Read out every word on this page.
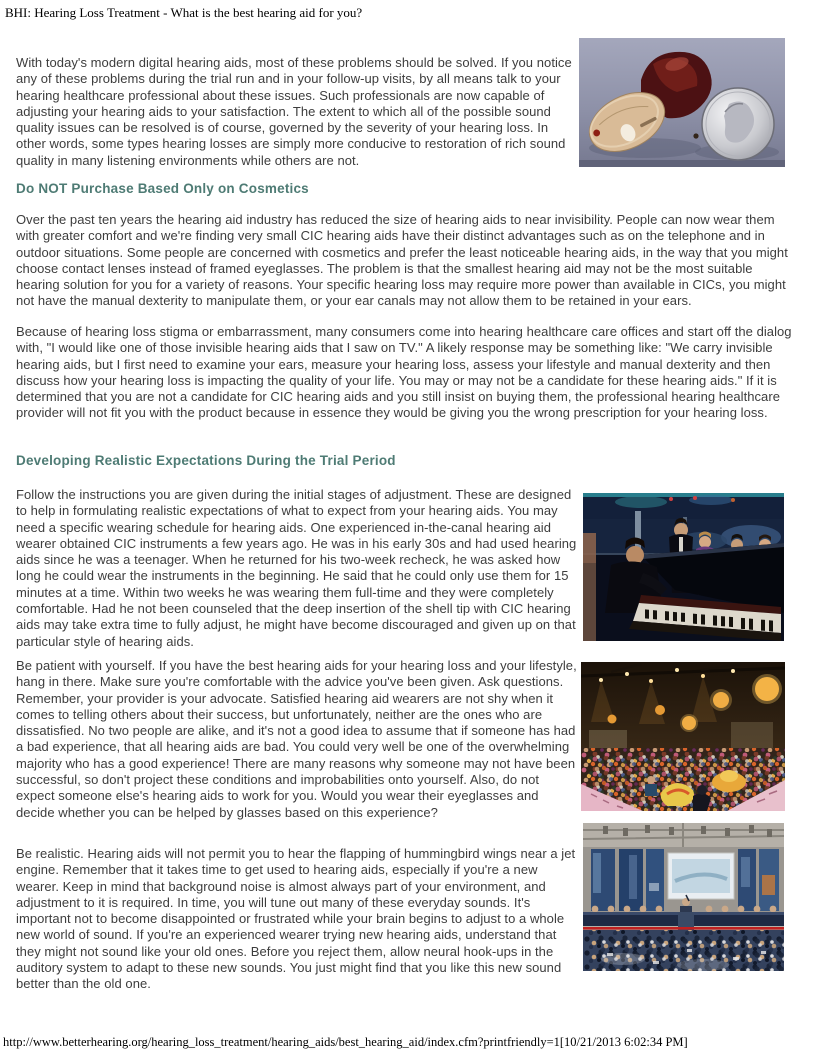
BHI: Hearing Loss Treatment - What is the best hearing aid for you?
With today's modern digital hearing aids, most of these problems should be solved. If you notice any of these problems during the trial run and in your follow-up visits, by all means talk to your hearing healthcare professional about these issues. Such professionals are now capable of adjusting your hearing aids to your satisfaction. The extent to which all of the possible sound quality issues can be resolved is of course, governed by the severity of your hearing loss. In other words, some types hearing losses are simply more conducive to restoration of rich sound quality in many listening environments while others are not.
Do NOT Purchase Based Only on Cosmetics
Over the past ten years the hearing aid industry has reduced the size of hearing aids to near invisibility. People can now wear them with greater comfort and we're finding very small CIC hearing aids have their distinct advantages such as on the telephone and in outdoor situations. Some people are concerned with cosmetics and prefer the least noticeable hearing aids, in the way that you might choose contact lenses instead of framed eyeglasses. The problem is that the smallest hearing aid may not be the most suitable hearing solution for you for a variety of reasons. Your specific hearing loss may require more power than available in CICs, you might not have the manual dexterity to manipulate them, or your ear canals may not allow them to be retained in your ears.
Because of hearing loss stigma or embarrassment, many consumers come into hearing healthcare care offices and start off the dialog with, "I would like one of those invisible hearing aids that I saw on TV." A likely response may be something like: "We carry invisible hearing aids, but I first need to examine your ears, measure your hearing loss, assess your lifestyle and manual dexterity and then discuss how your hearing loss is impacting the quality of your life. You may or may not be a candidate for these hearing aids." If it is determined that you are not a candidate for CIC hearing aids and you still insist on buying them, the professional hearing healthcare provider will not fit you with the product because in essence they would be giving you the wrong prescription for your hearing loss.
Developing Realistic Expectations During the Trial Period
Follow the instructions you are given during the initial stages of adjustment. These are designed to help in formulating realistic expectations of what to expect from your hearing aids. You may need a specific wearing schedule for hearing aids. One experienced in-the-canal hearing aid wearer obtained CIC instruments a few years ago. He was in his early 30s and had used hearing aids since he was a teenager. When he returned for his two-week recheck, he was asked how long he could wear the instruments in the beginning. He said that he could only use them for 15 minutes at a time. Within two weeks he was wearing them full-time and they were completely comfortable. Had he not been counseled that the deep insertion of the shell tip with CIC hearing aids may take extra time to fully adjust, he might have become discouraged and given up on that particular style of hearing aids.
Be patient with yourself. If you have the best hearing aids for your hearing loss and your lifestyle, hang in there. Make sure you're comfortable with the advice you've been given. Ask questions. Remember, your provider is your advocate. Satisfied hearing aid wearers are not shy when it comes to telling others about their success, but unfortunately, neither are the ones who are dissatisfied. No two people are alike, and it's not a good idea to assume that if someone has had a bad experience, that all hearing aids are bad. You could very well be one of the overwhelming majority who has a good experience! There are many reasons why someone may not have been successful, so don't project these conditions and improbabilities onto yourself. Also, do not expect someone else's hearing aids to work for you. Would you wear their eyeglasses and decide whether you can be helped by glasses based on this experience?
Be realistic. Hearing aids will not permit you to hear the flapping of hummingbird wings near a jet engine. Remember that it takes time to get used to hearing aids, especially if you're a new wearer. Keep in mind that background noise is almost always part of your environment, and adjustment to it is required. In time, you will tune out many of these everyday sounds. It's important not to become disappointed or frustrated while your brain begins to adjust to a whole new world of sound. If you're an experienced wearer trying new hearing aids, understand that they might not sound like your old ones. Before you reject them, allow neural hook-ups in the auditory system to adapt to these new sounds. You just might find that you like this new sound better than the old one.
http://www.betterhearing.org/hearing_loss_treatment/hearing_aids/best_hearing_aid/index.cfm?printfriendly=1[10/21/2013 6:02:34 PM]
